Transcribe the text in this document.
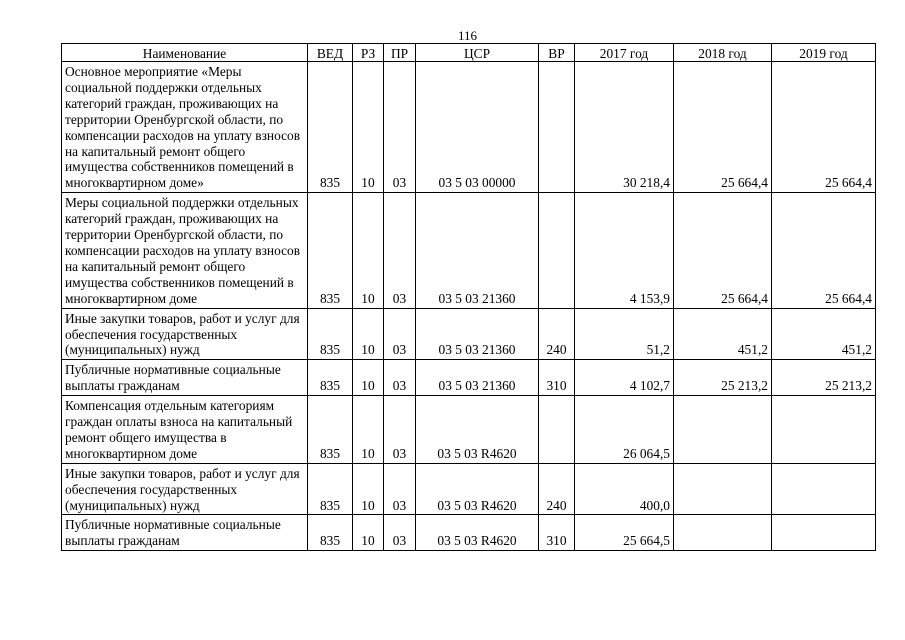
116
Наименование	ВЕД	РЗ	ПР	ЦСР	ВР	2017 год	2018 год	2019 год
Основное мероприятие «Меры социальной поддержки отдельных категорий граждан, проживающих на территории Оренбургской области, по компенсации расходов на уплату взносов на капитальный ремонт общего имущества собственников помещений в многоквартирном доме»	835	10	03	03 5 03 00000		30 218,4	25 664,4	25 664,4
Меры социальной поддержки отдельных категорий граждан, проживающих на территории Оренбургской области, по компенсации расходов на уплату взносов на капитальный ремонт общего имущества собственников помещений в многоквартирном доме	835	10	03	03 5 03 21360		4 153,9	25 664,4	25 664,4
Иные закупки товаров, работ и услуг для обеспечения государственных (муниципальных) нужд	835	10	03	03 5 03 21360	240	51,2	451,2	451,2
Публичные нормативные социальные выплаты гражданам	835	10	03	03 5 03 21360	310	4 102,7	25 213,2	25 213,2
Компенсация отдельным категориям граждан оплаты взноса на капитальный ремонт общего имущества в многоквартирном доме	835	10	03	03 5 03 R4620		26 064,5		
Иные закупки товаров, работ и услуг для обеспечения государственных (муниципальных) нужд	835	10	03	03 5 03 R4620	240	400,0		
Публичные нормативные социальные выплаты гражданам	835	10	03	03 5 03 R4620	310	25 664,5		
